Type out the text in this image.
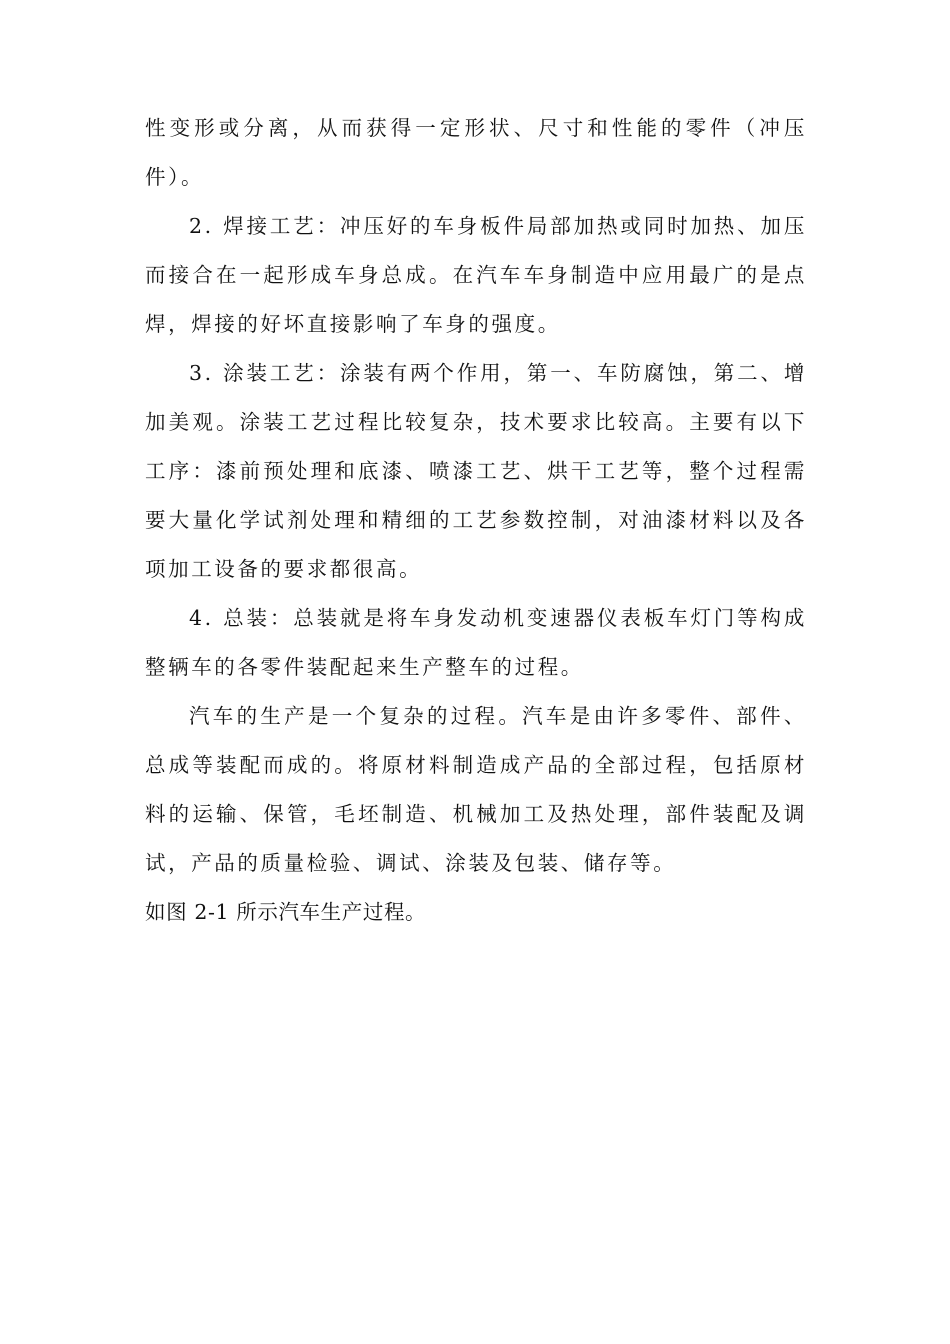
性变形或分离，从而获得一定形状、尺寸和性能的零件（冲压件）。

2. 焊接工艺：冲压好的车身板件局部加热或同时加热、加压而接合在一起形成车身总成。在汽车车身制造中应用最广的是点焊，焊接的好坏直接影响了车身的强度。

3. 涂装工艺：涂装有两个作用，第一、车防腐蚀，第二、增加美观。涂装工艺过程比较复杂，技术要求比较高。主要有以下工序：漆前预处理和底漆、喷漆工艺、烘干工艺等，整个过程需要大量化学试剂处理和精细的工艺参数控制，对油漆材料以及各项加工设备的要求都很高。

4. 总装：总装就是将车身发动机变速器仪表板车灯门等构成整辆车的各零件装配起来生产整车的过程。

汽车的生产是一个复杂的过程。汽车是由许多零件、部件、总成等装配而成的。将原材料制造成产品的全部过程，包括原材料的运输、保管，毛坯制造、机械加工及热处理，部件装配及调试，产品的质量检验、调试、涂装及包装、储存等。

如图 2-1 所示汽车生产过程。
